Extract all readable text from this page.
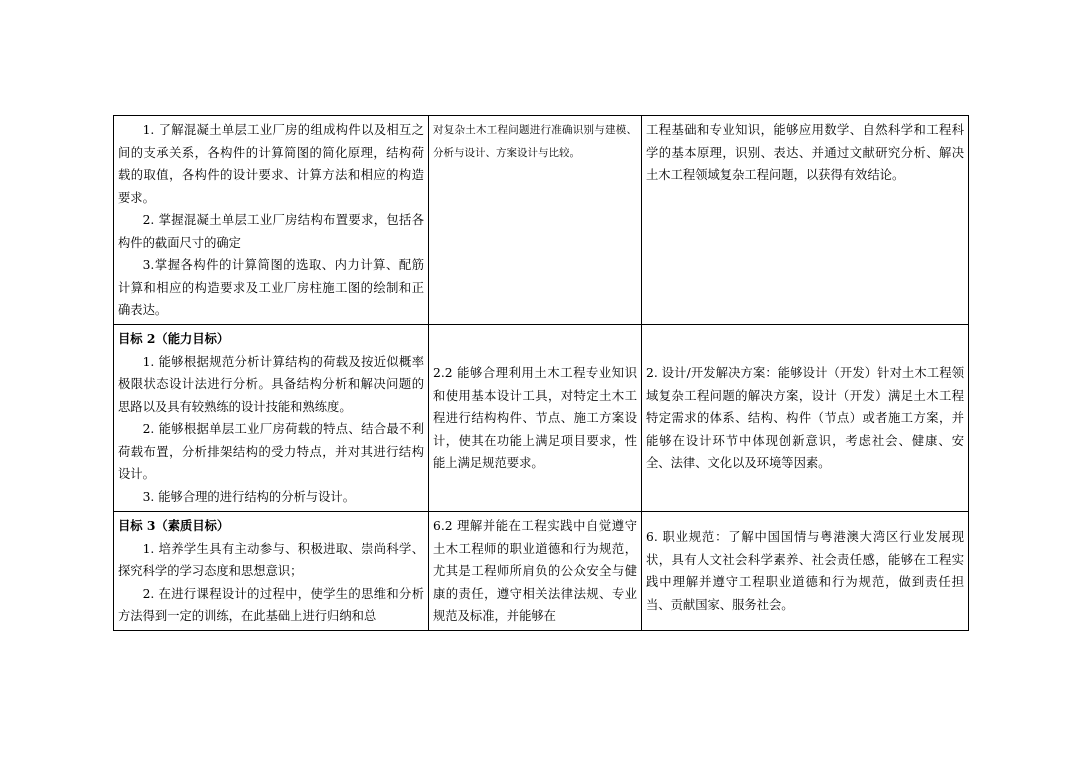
1. 了解混凝土单层工业厂房的组成构件以及相互之间的支承关系，各构件的计算简图的简化原理，结构荷载的取值，各构件的设计要求、计算方法和相应的构造要求。

2. 掌握混凝土单层工业厂房结构布置要求，包括各构件的截面尺寸的确定

3.掌握各构件的计算简图的选取、内力计算、配筋计算和相应的构造要求及工业厂房柱施工图的绘制和正确表达。	对复杂土木工程问题进行准确识别与建模、分析与设计、方案设计与比较。	工程基础和专业知识，能够应用数学、自然科学和工程科学的基本原理，识别、表达、并通过文献研究分析、解决土木工程领域复杂工程问题，以获得有效结论。

目标 2（能力目标）

1. 能够根据规范分析计算结构的荷载及按近似概率极限状态设计法进行分析。具备结构分析和解决问题的思路以及具有较熟练的设计技能和熟练度。

2. 能够根据单层工业厂房荷载的特点、结合最不利荷载布置，分析排架结构的受力特点，并对其进行结构设计。

3. 能够合理的进行结构的分析与设计。	2.2 能够合理利用土木工程专业知识和使用基本设计工具，对特定土木工程进行结构构件、节点、施工方案设计，使其在功能上满足项目要求，性能上满足规范要求。	2. 设计/开发解决方案：能够设计（开发）针对土木工程领域复杂工程问题的解决方案，设计（开发）满足土木工程特定需求的体系、结构、构件（节点）或者施工方案，并能够在设计环节中体现创新意识，考虑社会、健康、安全、法律、文化以及环境等因素。

目标 3（素质目标）

1. 培养学生具有主动参与、积极进取、崇尚科学、探究科学的学习态度和思想意识；

2. 在进行课程设计的过程中，使学生的思维和分析方法得到一定的训练，在此基础上进行归纳和总	6.2 理解并能在工程实践中自觉遵守土木工程师的职业道德和行为规范，尤其是工程师所肩负的公众安全与健康的责任，遵守相关法律法规、专业规范及标准，并能够在	6. 职业规范：了解中国国情与粤港澳大湾区行业发展现状，具有人文社会科学素养、社会责任感，能够在工程实践中理解并遵守工程职业道德和行为规范，做到责任担当、贡献国家、服务社会。
